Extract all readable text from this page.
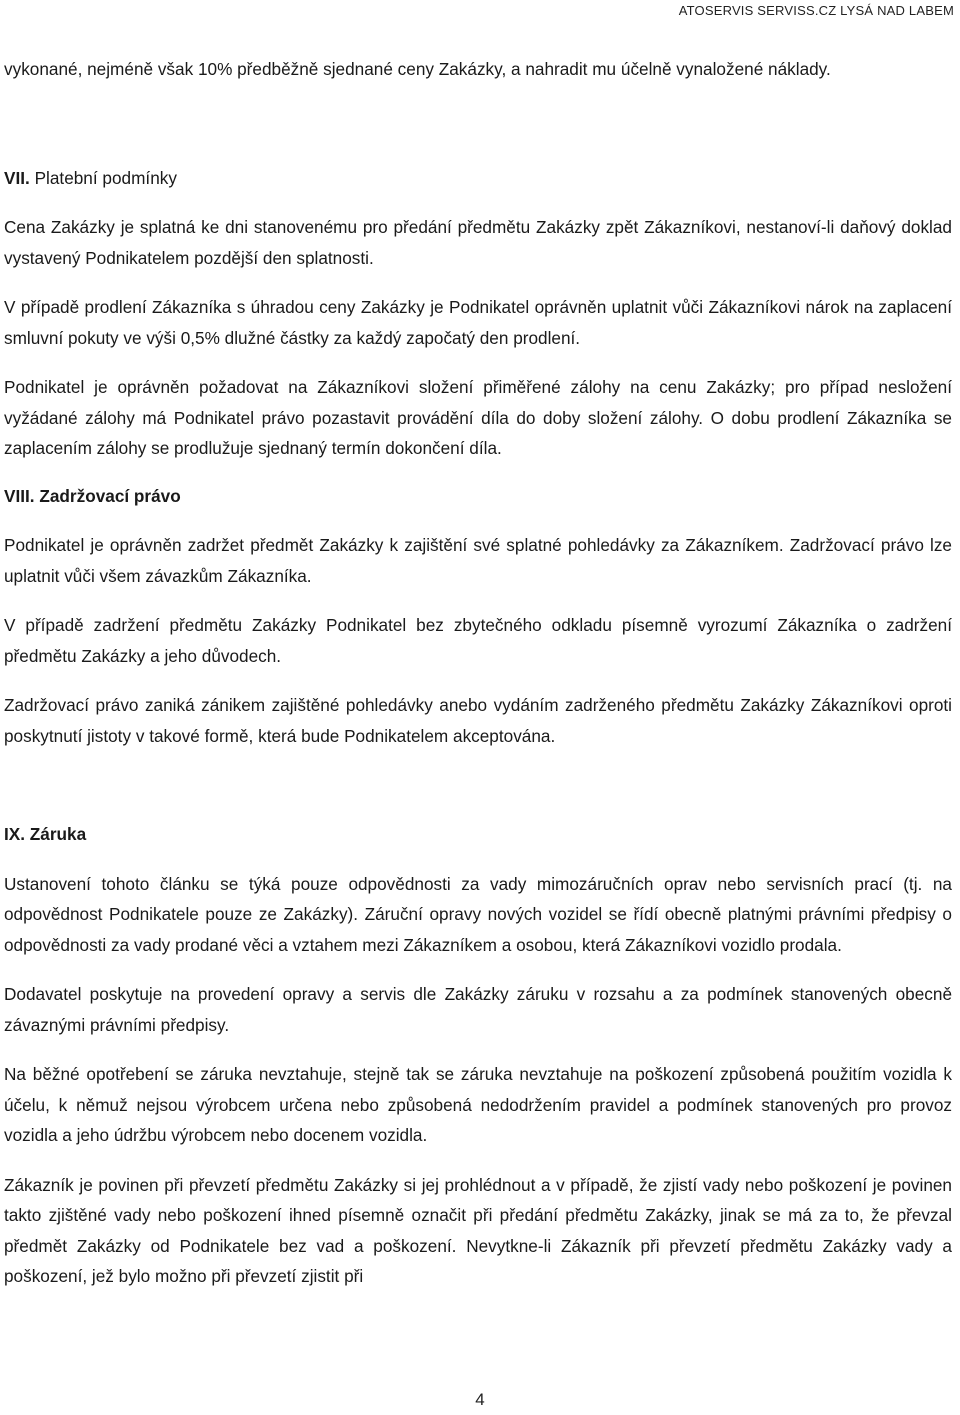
ATOSERVIS SERVISS.CZ LYSÁ NAD LABEM

vykonané, nejméně však 10% předběžně sjednané ceny Zakázky, a nahradit mu účelně vynaložené náklady.

VII. Platební podmínky

Cena Zakázky je splatná ke dni stanovenému pro předání předmětu Zakázky zpět Zákazníkovi, nestanoví-li daňový doklad vystavený Podnikatelem pozdější den splatnosti.

V případě prodlení Zákazníka s úhradou ceny Zakázky je Podnikatel oprávněn uplatnit vůči Zákazníkovi nárok na zaplacení smluvní pokuty ve výši 0,5% dlužné částky za každý započatý den prodlení.

Podnikatel je oprávněn požadovat na Zákazníkovi složení přiměřené zálohy na cenu Zakázky; pro případ nesložení vyžádané zálohy má Podnikatel právo pozastavit provádění díla do doby složení zálohy. O dobu prodlení Zákazníka se zaplacením zálohy se prodlužuje sjednaný termín dokončení díla.

VIII. Zadržovací právo

Podnikatel je oprávněn zadržet předmět Zakázky k zajištění své splatné pohledávky za Zákazníkem. Zadržovací právo lze uplatnit vůči všem závazkům Zákazníka.

V případě zadržení předmětu Zakázky Podnikatel bez zbytečného odkladu písemně vyrozumí Zákazníka o zadržení předmětu Zakázky a jeho důvodech.

Zadržovací právo zaniká zánikem zajištěné pohledávky anebo vydáním zadrženého předmětu Zakázky Zákazníkovi oproti poskytnutí jistoty v takové formě, která bude Podnikatelem akceptována.

IX. Záruka

Ustanovení tohoto článku se týká pouze odpovědnosti za vady mimozáručních oprav nebo servisních prací (tj. na odpovědnost Podnikatele pouze ze Zakázky). Záruční opravy nových vozidel se řídí obecně platnými právními předpisy o odpovědnosti za vady prodané věci a vztahem mezi Zákazníkem a osobou, která Zákazníkovi vozidlo prodala.

Dodavatel poskytuje na provedení opravy a servis dle Zakázky záruku v rozsahu a za podmínek stanovených obecně závaznými právními předpisy.

Na běžné opotřebení se záruka nevztahuje, stejně tak se záruka nevztahuje na poškození způsobená použitím vozidla k účelu, k němuž nejsou výrobcem určena nebo způsobená nedodržením pravidel a podmínek stanovených pro provoz vozidla a jeho údržbu výrobcem nebo docenem vozidla.

Zákazník je povinen při převzetí předmětu Zakázky si jej prohlédnout a v případě, že zjistí vady nebo poškození je povinen takto zjištěné vady nebo poškození ihned písemně označit při předání předmětu Zakázky, jinak se má za to, že převzal předmět Zakázky od Podnikatele bez vad a poškození. Nevytkne-li Zákazník při převzetí předmětu Zakázky vady a poškození, jež bylo možno při převzetí zjistit při

4
